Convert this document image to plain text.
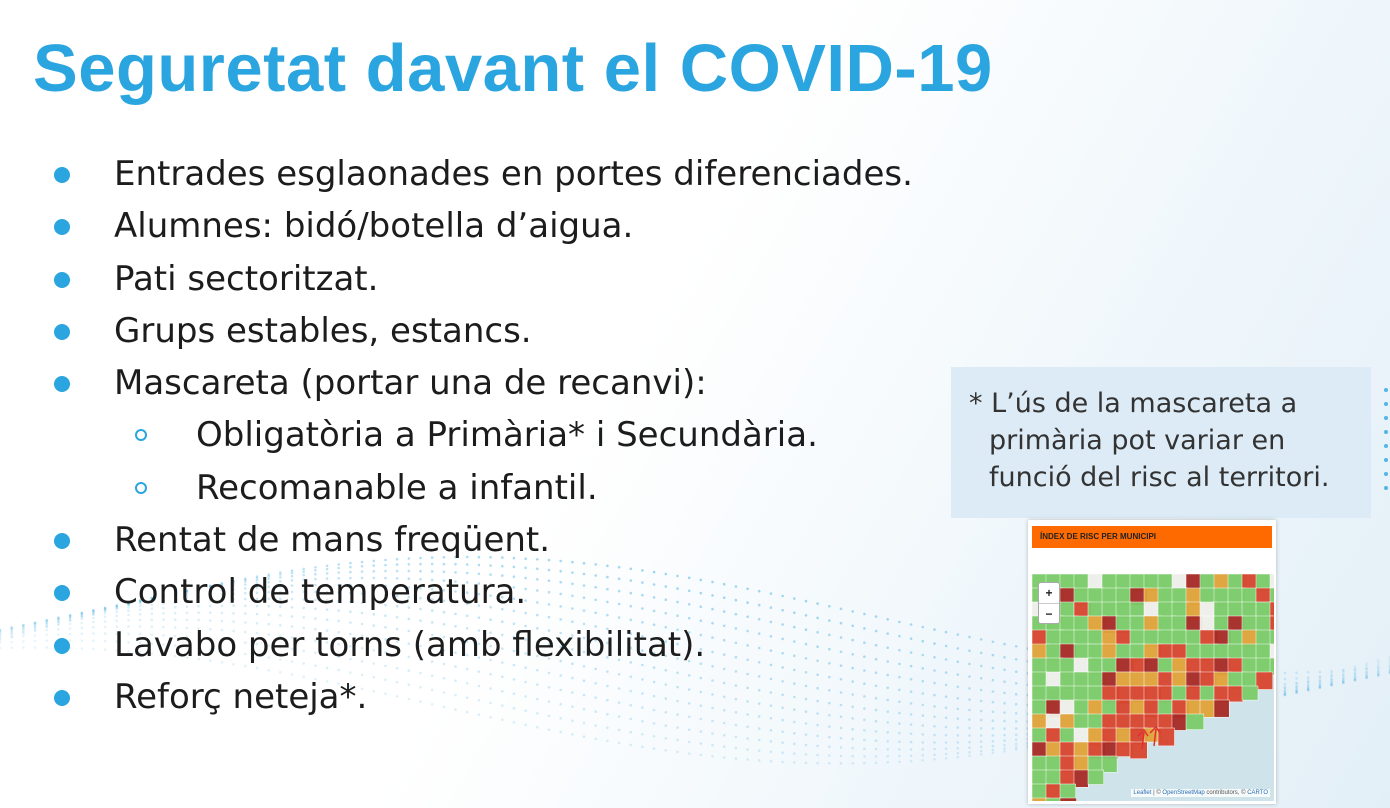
Seguretat davant el COVID-19
Entrades esglaonades en portes diferenciades.
Alumnes: bidó/botella d’aigua.
Pati sectoritzat.
Grups estables, estancs.
Mascareta (portar una de recanvi):
Obligatòria a Primària* i Secundària.
Recomanable a infantil.
Rentat de mans freqüent.
Control de temperatura.
Lavabo per torns (amb flexibilitat).
Reforç neteja*.
* L’ús de la mascareta a
primària pot variar en
funció del risc al territori.
ÍNDEX DE RISC PER MUNICIPI
Leaflet | © OpenStreetMap contributors, © CARTO
+
−
